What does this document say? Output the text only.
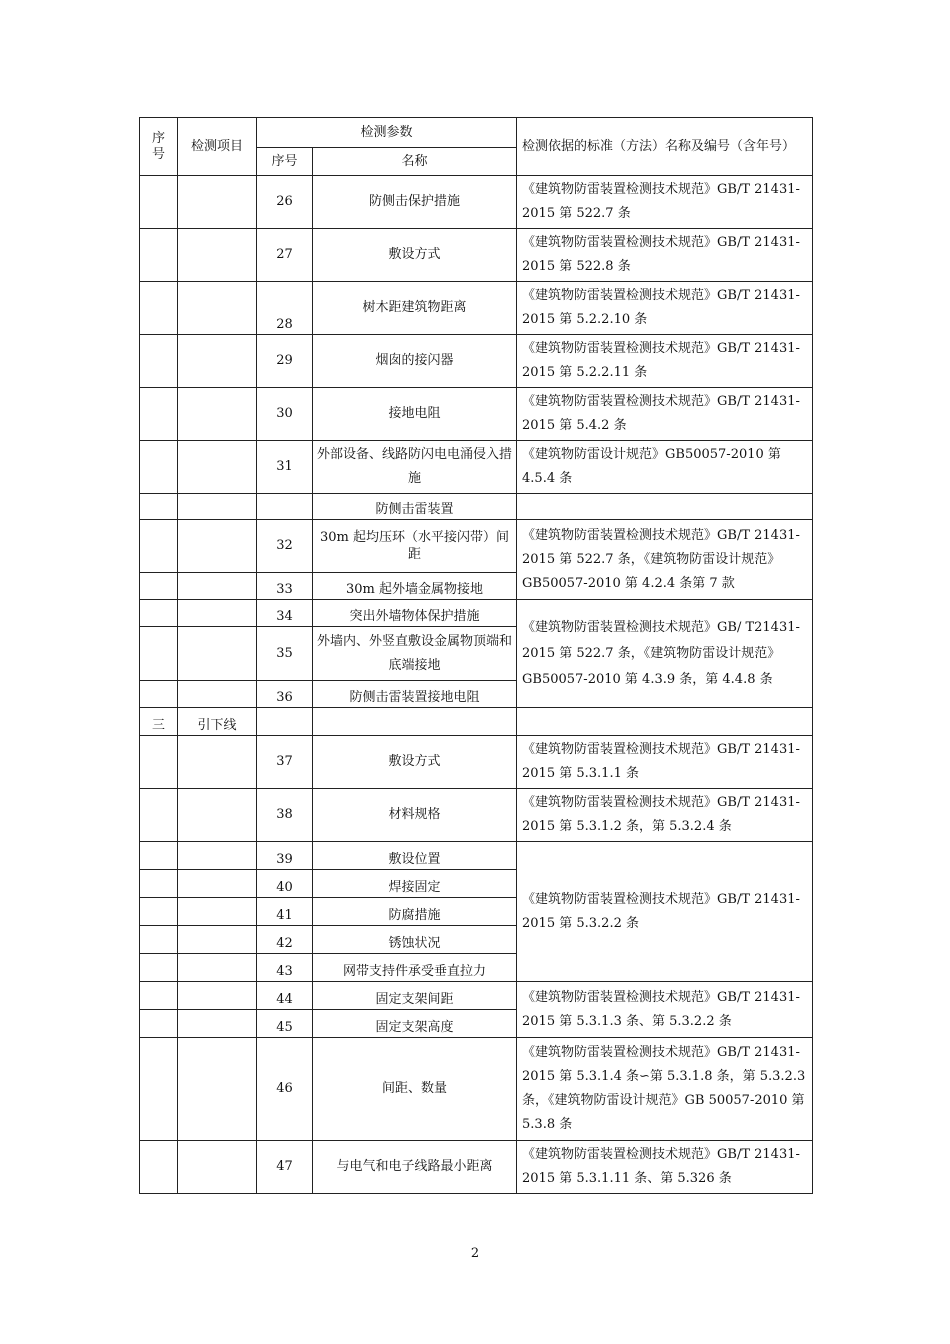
序号	检测项目	检测参数		检测依据的标准（方法）名称及编号（含年号）
		序号	名称	
		26	防侧击保护措施	《建筑物防雷装置检测技术规范》GB/T 21431-2015 第 522.7 条
		27	敷设方式	《建筑物防雷装置检测技术规范》GB/T 21431-2015 第 522.8 条
		28	树木距建筑物距离	《建筑物防雷装置检测技术规范》GB/T 21431-2015 第 5.2.2.10 条
		29	烟囱的接闪器	《建筑物防雷装置检测技术规范》GB/T 21431-2015 第 5.2.2.11 条
		30	接地电阻	《建筑物防雷装置检测技术规范》GB/T 21431-2015 第 5.4.2 条
		31	外部设备、线路防闪电电涌侵入措施	《建筑物防雷设计规范》GB50057-2010 第 4.5.4 条
			防侧击雷装置	
		32	30m 起均压环（水平接闪带）间距	《建筑物防雷装置检测技术规范》GB/T 21431-2015 第 522.7 条，《建筑物防雷设计规范》GB50057-2010 第 4.2.4 条第 7 款
		33	30m 起外墙金属物接地	
		34	突出外墙物体保护措施	《建筑物防雷装置检测技术规范》GB/ T21431-2015 第 522.7 条，《建筑物防雷设计规范》GB50057-2010 第 4.3.9 条，第 4.4.8 条
		35	外墙内、外竖直敷设金属物顶端和底端接地	
		36	防侧击雷装置接地电阻	
三	引下线			
		37	敷设方式	《建筑物防雷装置检测技术规范》GB/T 21431-2015 第 5.3.1.1 条
		38	材料规格	《建筑物防雷装置检测技术规范》GB/T 21431-2015 第 5.3.1.2 条，第 5.3.2.4 条
		39	敷设位置	《建筑物防雷装置检测技术规范》GB/T 21431-2015 第 5.3.2.2 条
		40	焊接固定	
		41	防腐措施	
		42	锈蚀状况	
		43	网带支持件承受垂直拉力	
		44	固定支架间距	《建筑物防雷装置检测技术规范》GB/T 21431-2015 第 5.3.1.3 条、第 5.3.2.2 条
		45	固定支架高度	
		46	间距、数量	《建筑物防雷装置检测技术规范》GB/T 21431-2015 第 5.3.1.4 条∽第 5.3.1.8 条，第 5.3.2.3 条，《建筑物防雷设计规范》GB 50057-2010 第 5.3.8 条
		47	与电气和电子线路最小距离	《建筑物防雷装置检测技术规范》GB/T 21431-2015 第 5.3.1.11 条、第 5.326 条
2
